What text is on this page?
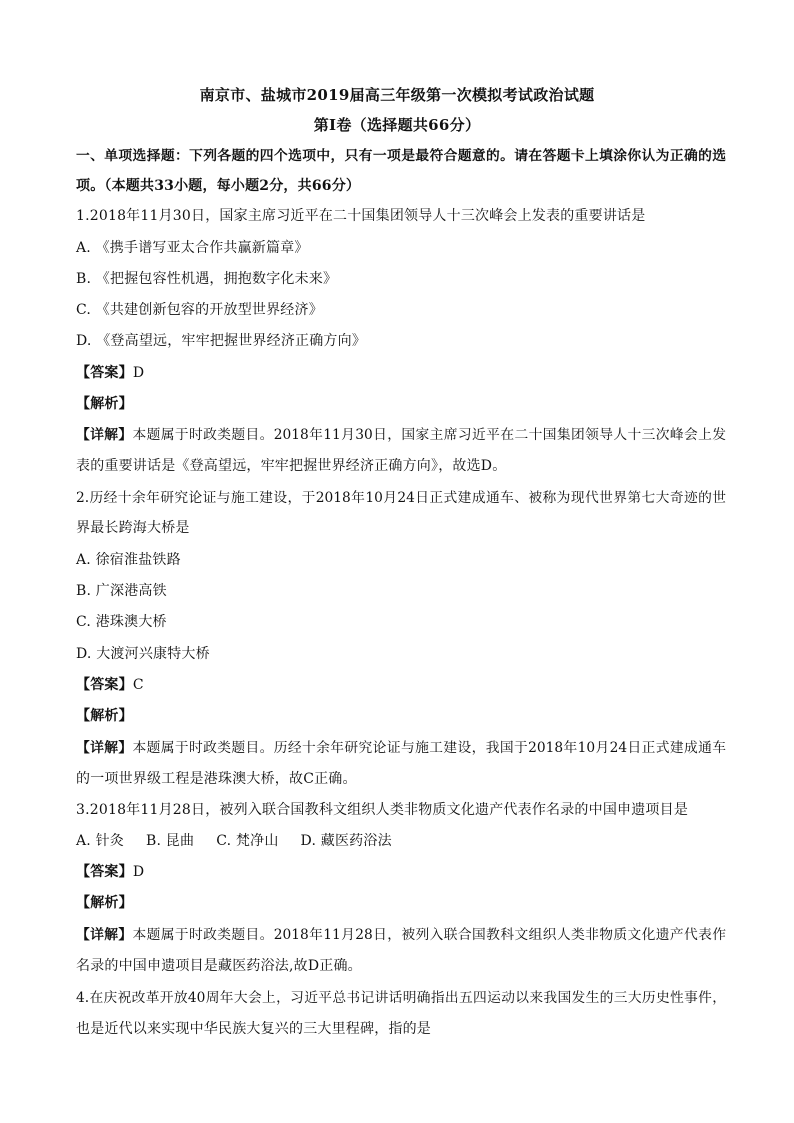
南京市、盐城市2019届高三年级第一次模拟考试政治试题
第Ⅰ卷（选择题共66分）
一、单项选择题：下列各题的四个选项中，只有一项是最符合题意的。请在答题卡上填涂你认为正确的选
项。（本题共33小题，每小题2分，共66分）
1.2018年11月30日，国家主席习近平在二十国集团领导人十三次峰会上发表的重要讲话是
A. 《携手谱写亚太合作共赢新篇章》
B. 《把握包容性机遇，拥抱数字化未来》
C. 《共建创新包容的开放型世界经济》
D. 《登高望远，牢牢把握世界经济正确方向》
【答案】D
【解析】
【详解】本题属于时政类题目。2018年11月30日，国家主席习近平在二十国集团领导人十三次峰会上发
表的重要讲话是《登高望远，牢牢把握世界经济正确方向》，故选D。
2.历经十余年研究论证与施工建设，于2018年10月24日正式建成通车、被称为现代世界第七大奇迹的世
界最长跨海大桥是
A. 徐宿淮盐铁路
B. 广深港高铁
C. 港珠澳大桥
D. 大渡河兴康特大桥
【答案】C
【解析】
【详解】本题属于时政类题目。历经十余年研究论证与施工建设，我国于2018年10月24日正式建成通车
的一项世界级工程是港珠澳大桥，故C正确。
3.2018年11月28日，被列入联合国教科文组织人类非物质文化遗产代表作名录的中国申遗项目是
A. 针灸 B. 昆曲 C. 梵净山 D. 藏医药浴法
【答案】D
【解析】
【详解】本题属于时政类题目。2018年11月28日，被列入联合国教科文组织人类非物质文化遗产代表作
名录的中国申遗项目是藏医药浴法,故D正确。
4.在庆祝改革开放40周年大会上，习近平总书记讲话明确指出五四运动以来我国发生的三大历史性事件，
也是近代以来实现中华民族大复兴的三大里程碑，指的是
